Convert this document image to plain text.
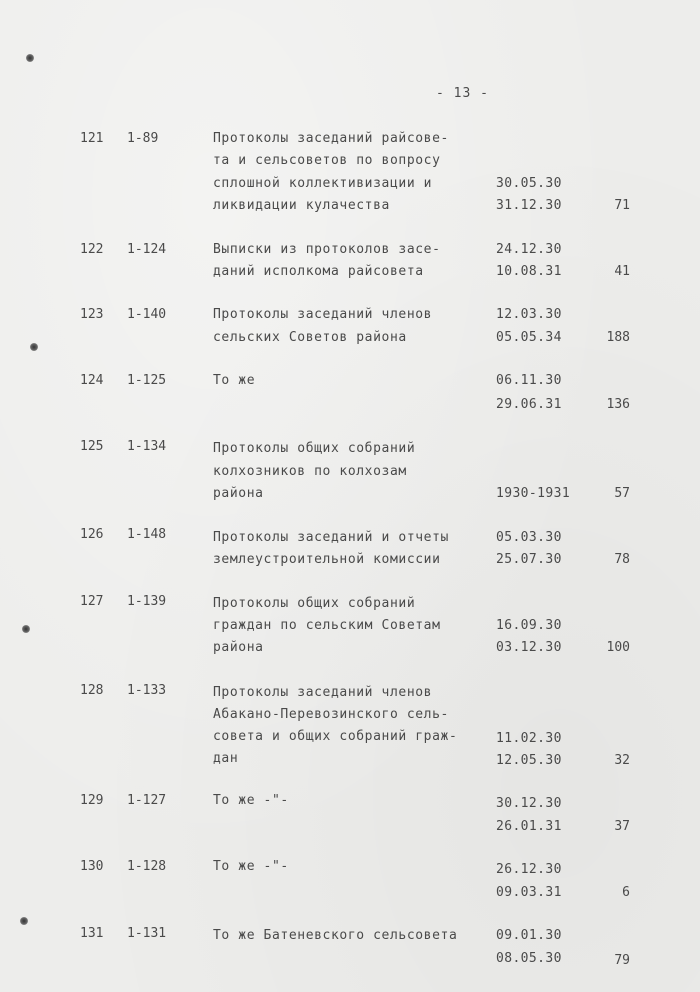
- 13 -
121 1-89	Протоколы заседаний райсове-
та и сельсоветов по вопросу
сплошной коллективизации и
ликвидации кулачества
30.05.30
31.12.30	71
122 1-124	Выписки из протоколов засе-
даний исполкома райсовета
24.12.30
10.08.31	41
123 1-140	Протоколы заседаний членов
сельских Советов района
12.03.30
05.05.34	188
124 1-125	То же	06.11.30
29.06.31	136
125 1-134	Протоколы общих собраний
колхозников по колхозам
района	1930-1931	57
126 1-148	Протоколы заседаний и отчеты
землеустроительной комиссии
05.03.30
25.07.30	78
127 1-139	Протоколы общих собраний
граждан по сельским Советам
района
16.09.30
03.12.30	100
128 1-133	Протоколы заседаний членов
Абакано-Перевозинского сель-
совета и общих собраний граж-
дан
11.02.30
12.05.30	32
129 1-127	То же -"-	30.12.30
26.01.31	37
130 1-128	То же -"-	26.12.30
09.03.31	6
131 1-131	То же Батеневского сельсовета	09.01.30
08.05.30	79
